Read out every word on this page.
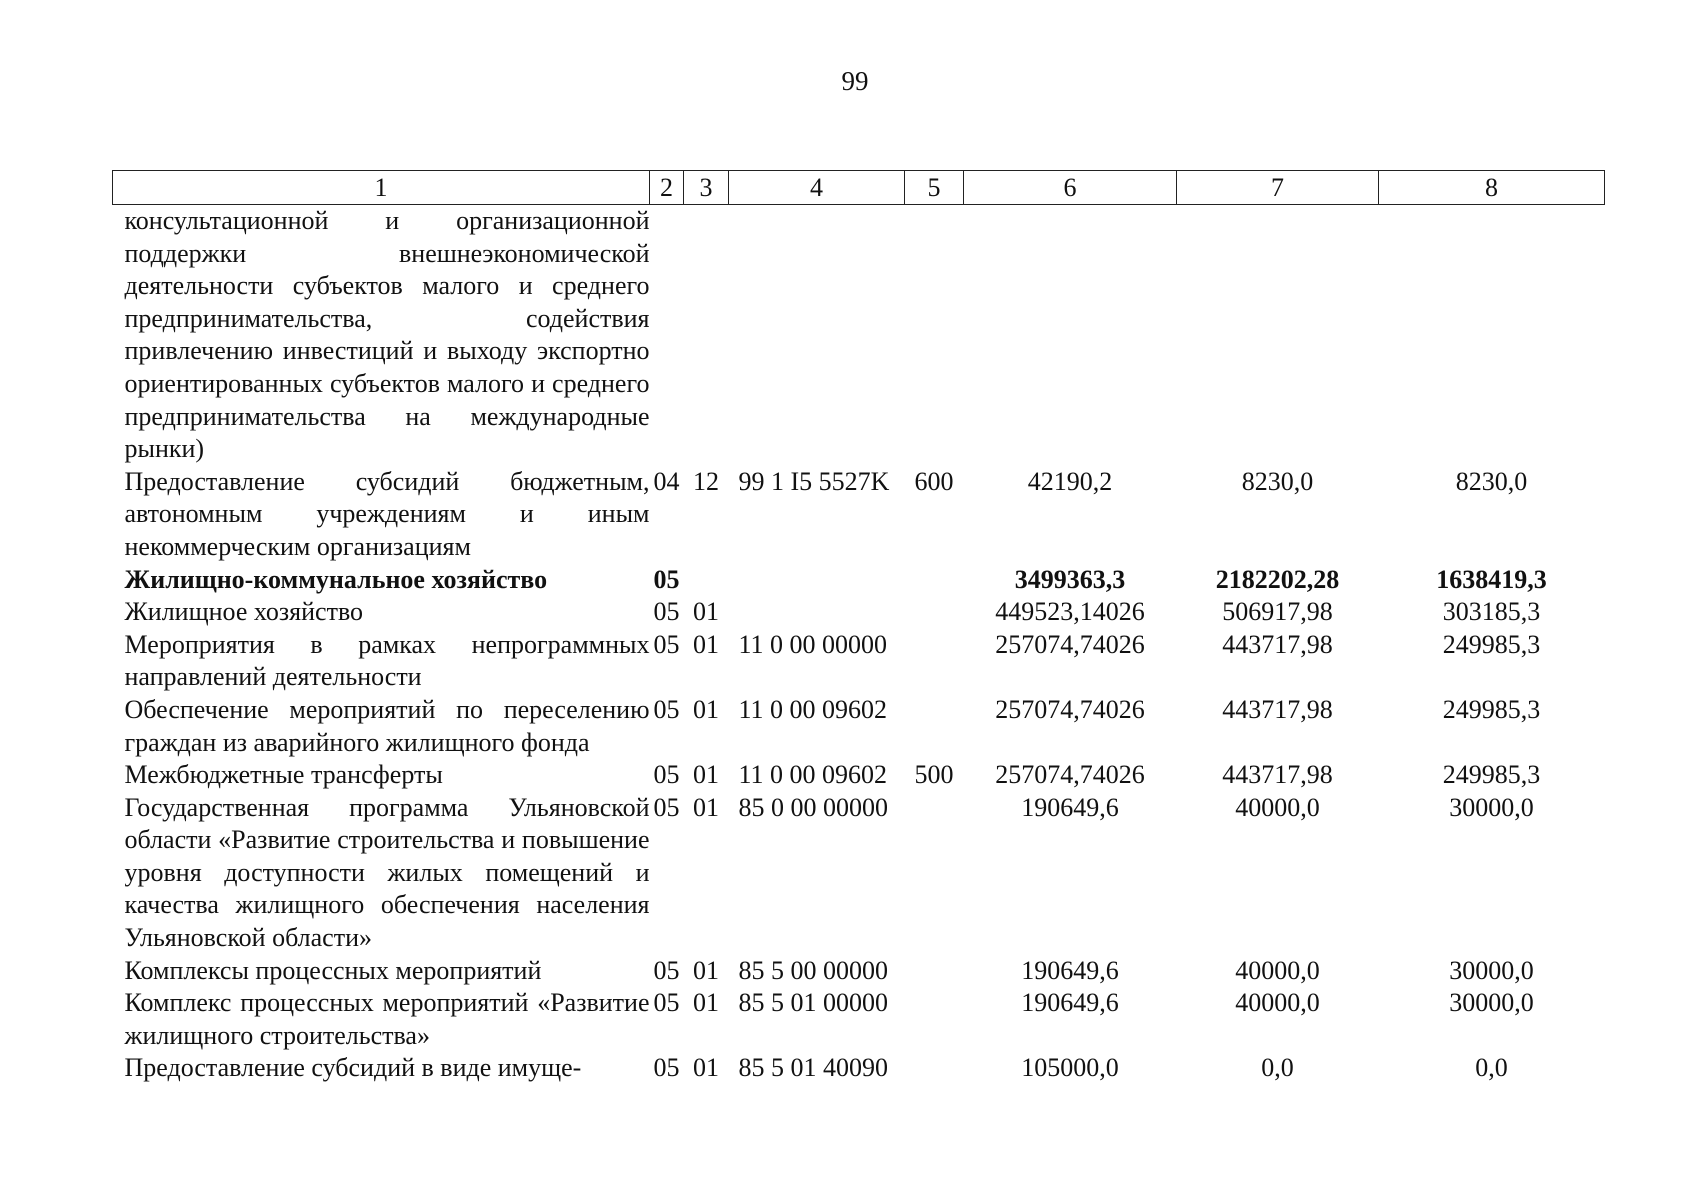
99
1	2	3	4	5	6	7	8
консультационной и организационной поддержки внешнеэкономической деятельности субъектов малого и среднего предпринимательства, содействия привлечению инвестиций и выходу экспортно ориентированных субъектов малого и среднего предпринимательства на международные рынки)							
Предоставление субсидий бюджетным, автономным учреждениям и иным некоммерческим организациям	04	12	99 1 I5 5527K	600	42190,2	8230,0	8230,0
Жилищно-коммунальное хозяйство	05				3499363,3	2182202,28	1638419,3
Жилищное хозяйство	05	01			449523,14026	506917,98	303185,3
Мероприятия в рамках непрограммных направлений деятельности	05	01	11 0 00 00000		257074,74026	443717,98	249985,3
Обеспечение мероприятий по переселению граждан из аварийного жилищного фонда	05	01	11 0 00 09602		257074,74026	443717,98	249985,3
Межбюджетные трансферты	05	01	11 0 00 09602	500	257074,74026	443717,98	249985,3
Государственная программа Ульяновской области «Развитие строительства и повышение уровня доступности жилых помещений и качества жилищного обеспечения населения Ульяновской области»	05	01	85 0 00 00000		190649,6	40000,0	30000,0
Комплексы процессных мероприятий	05	01	85 5 00 00000		190649,6	40000,0	30000,0
Комплекс процессных мероприятий «Развитие жилищного строительства»	05	01	85 5 01 00000		190649,6	40000,0	30000,0
Предоставление субсидий в виде имуще-	05	01	85 5 01 40090		105000,0	0,0	0,0
